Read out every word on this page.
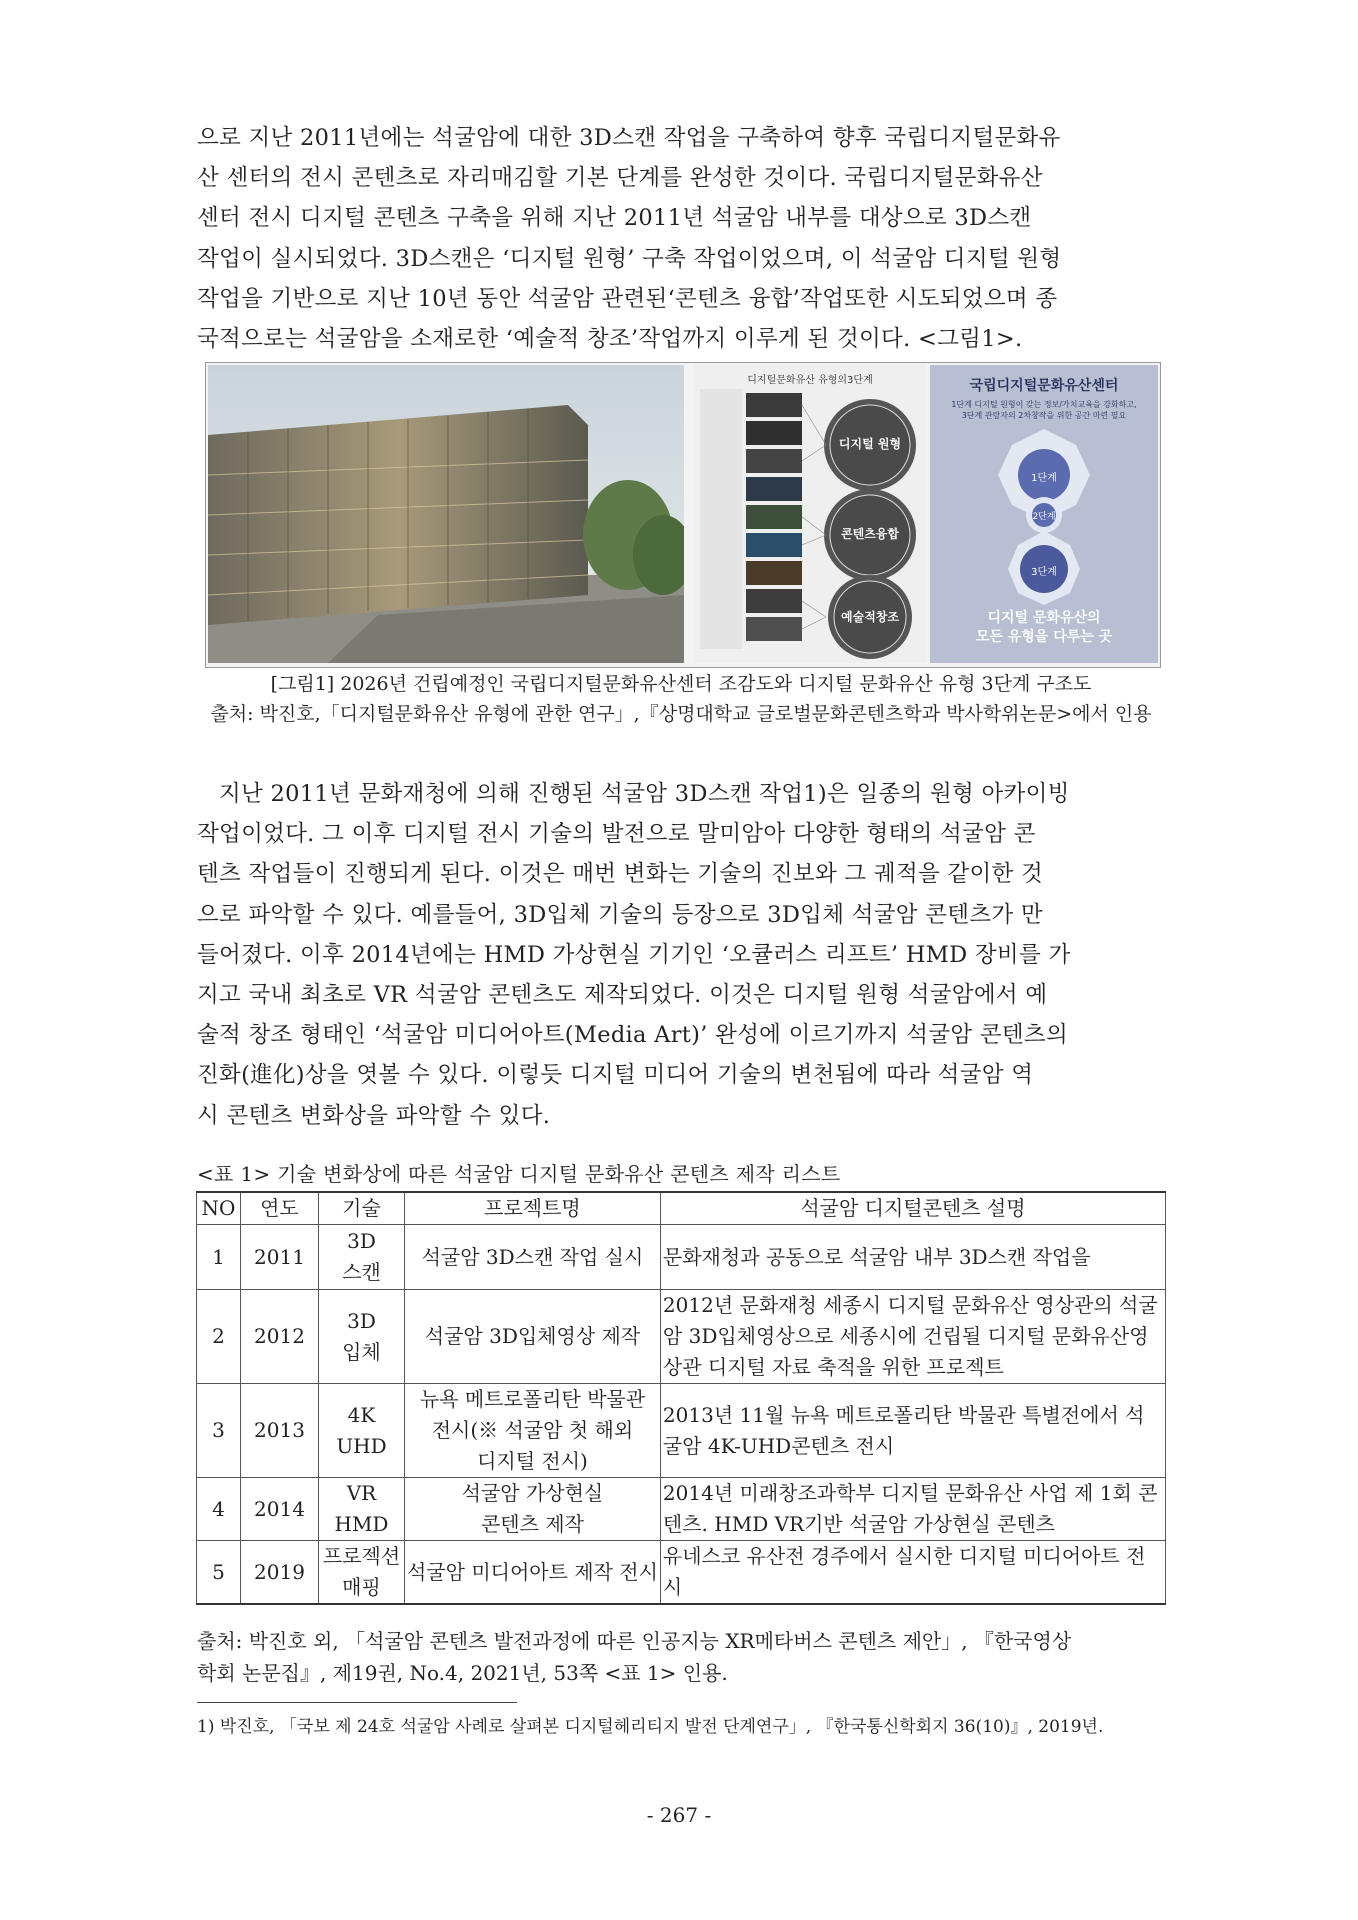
으로 지난 2011년에는 석굴암에 대한 3D스캔 작업을 구축하여 향후 국립디지털문화유
산 센터의 전시 콘텐츠로 자리매김할 기본 단계를 완성한 것이다. 국립디지털문화유산
센터 전시 디지털 콘텐츠 구축을 위해 지난 2011년 석굴암 내부를 대상으로 3D스캔
작업이 실시되었다. 3D스캔은 ‘디지털 원형’ 구축 작업이었으며, 이 석굴암 디지털 원형
작업을 기반으로 지난 10년 동안 석굴암 관련된‘콘텐츠 융합’작업또한 시도되었으며 종
국적으로는 석굴암을 소재로한 ‘예술적 창조’작업까지 이루게 된 것이다. <그림1>.

디지털문화유산 유형의3단계
디지털 원형
콘텐츠융합
예술적창조
국립디지털문화유산센터
1단계 디지털 원형이 갖는 정보/가치교육을 강화하고,
3단계 관람자의 2차창작을 위한 공간 마련 필요
1단계
2단계
3단계
디지털 문화유산의
모든 유형을 다루는 곳

[그림1] 2026년 건립예정인 국립디지털문화유산센터 조감도와 디지털 문화유산 유형 3단계 구조도

출처: 박진호,「디지털문화유산 유형에 관한 연구」,『상명대학교 글로벌문화콘텐츠학과 박사학위논문>에서 인용

지난 2011년 문화재청에 의해 진행된 석굴암 3D스캔 작업1)은 일종의 원형 아카이빙
작업이었다. 그 이후 디지털 전시 기술의 발전으로 말미암아 다양한 형태의 석굴암 콘
텐츠 작업들이 진행되게 된다. 이것은 매번 변화는 기술의 진보와 그 궤적을 같이한 것
으로 파악할 수 있다. 예를들어, 3D입체 기술의 등장으로 3D입체 석굴암 콘텐츠가 만
들어졌다. 이후 2014년에는 HMD 가상현실 기기인 ‘오큘러스 리프트’ HMD 장비를 가
지고 국내 최초로 VR 석굴암 콘텐츠도 제작되었다. 이것은 디지털 원형 석굴암에서 예
술적 창조 형태인 ‘석굴암 미디어아트(Media Art)’ 완성에 이르기까지 석굴암 콘텐츠의
진화(進化)상을 엿볼 수 있다. 이렇듯 디지털 미디어 기술의 변천됨에 따라 석굴암 역
시 콘텐츠 변화상을 파악할 수 있다.

<표 1> 기술 변화상에 따른 석굴암 디지털 문화유산 콘텐츠 제작 리스트
NO	연도	기술	프로젝트명	석굴암 디지털콘텐츠 설명
1	2011	3D
스캔	석굴암 3D스캔 작업 실시	문화재청과 공동으로 석굴암 내부 3D스캔 작업을

2	2012	3D
입체	석굴암 3D입체영상 제작	2012년 문화재청 세종시 디지털 문화유산 영상관의 석굴
암 3D입체영상으로 세종시에 건립될 디지털 문화유산영
상관 디지털 자료 축적을 위한 프로젝트

3	2013	4K
UHD	뉴욕 메트로폴리탄 박물관
전시(※ 석굴암 첫 해외
디지털 전시)	2013년 11월 뉴욕 메트로폴리탄 박물관 특별전에서 석
굴암 4K-UHD콘텐츠 전시

4	2014	VR
HMD	석굴암 가상현실
콘텐츠 제작	2014년 미래창조과학부 디지털 문화유산 사업 제 1회 콘
텐츠. HMD VR기반 석굴암 가상현실 콘텐츠

5	2019	프로젝션
매핑	석굴암 미디어아트 제작 전시	유네스코 유산전 경주에서 실시한 디지털 미디어아트 전
시

출처: 박진호 외, 「석굴암 콘텐츠 발전과정에 따른 인공지능 XR메타버스 콘텐츠 제안」, 『한국영상
학회 논문집』, 제19권, No.4, 2021년, 53쪽 <표 1> 인용.

1) 박진호, 「국보 제 24호 석굴암 사례로 살펴본 디지털헤리티지 발전 단계연구」, 『한국통신학회지 36(10)』, 2019년.
- 267 -
